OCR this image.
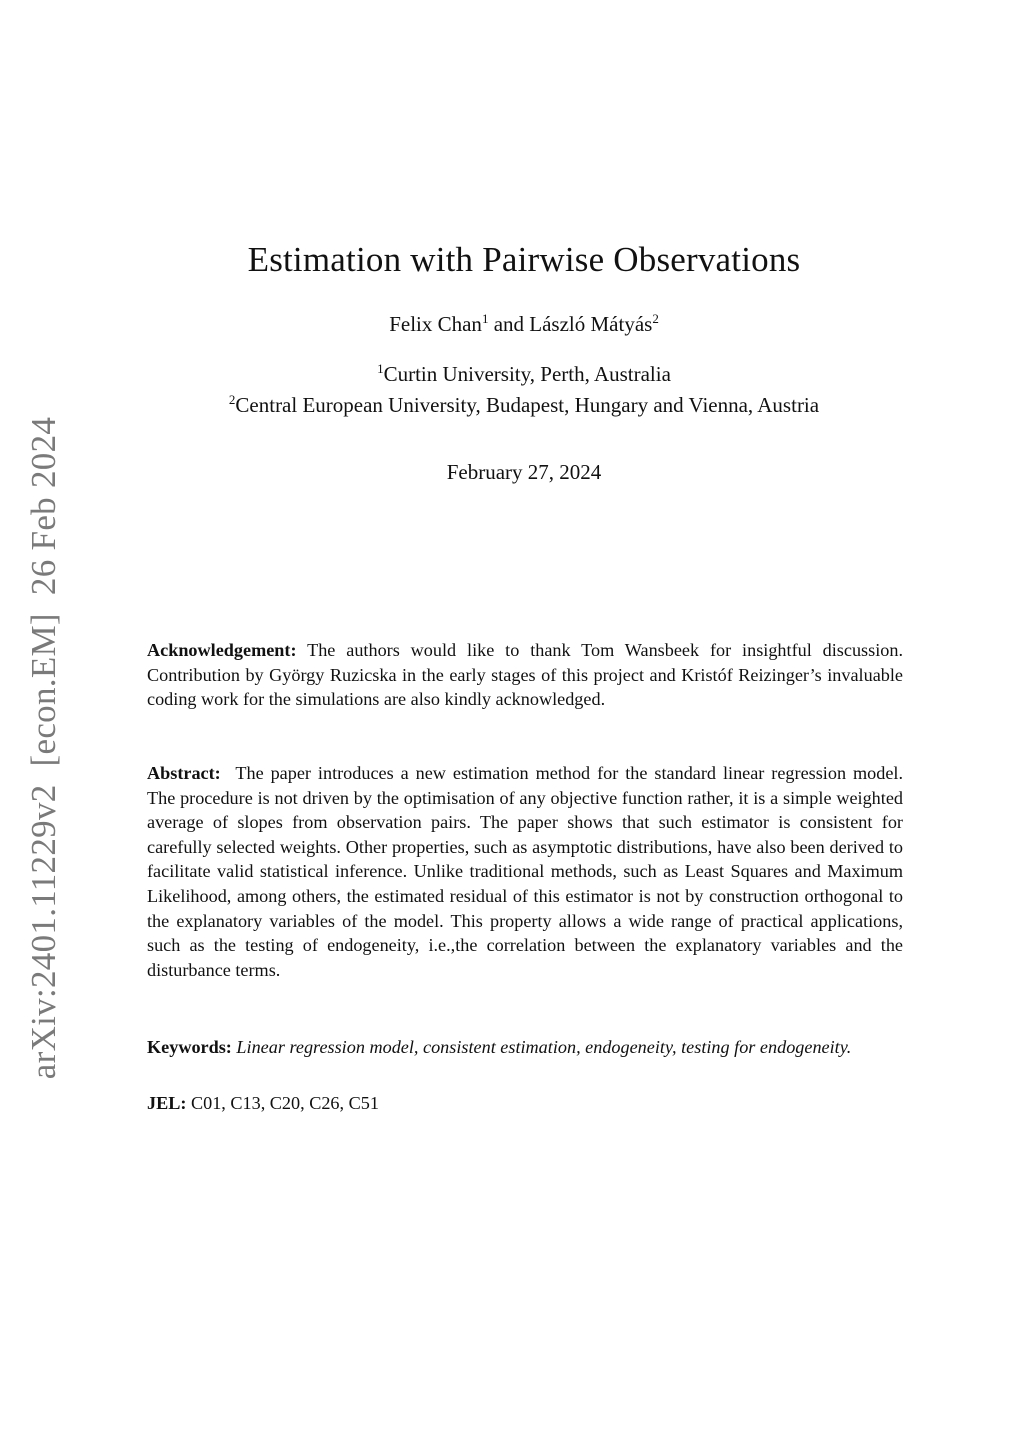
arXiv:2401.11229v2[econ.EM]26 Feb 2024
Estimation with Pairwise Observations
Felix Chan$^1$ and László Mátyás$^2$
$^1$Curtin University, Perth, Australia
$^2$Central European University, Budapest, Hungary and Vienna, Austria
February 27, 2024
Acknowledgement: The authors would like to thank Tom Wansbeek for insightful discussion. Contribution by György Ruzicska in the early stages of this project and Kristóf Reizinger’s invaluable coding work for the simulations are also kindly acknowledged.
Abstract: The paper introduces a new estimation method for the standard linear regression model. The procedure is not driven by the optimisation of any objective function rather, it is a simple weighted average of slopes from observation pairs. The paper shows that such estimator is consistent for carefully selected weights. Other properties, such as asymptotic distributions, have also been derived to facilitate valid statistical inference. Unlike traditional methods, such as Least Squares and Maximum Likelihood, among others, the estimated residual of this estimator is not by construction orthogonal to the explanatory variables of the model. This property allows a wide range of practical applications, such as the testing of endogeneity, i.e.,the correlation between the explanatory variables and the disturbance terms.
Keywords: Linear regression model, consistent estimation, endogeneity, testing for endogeneity.
JEL: C01, C13, C20, C26, C51
